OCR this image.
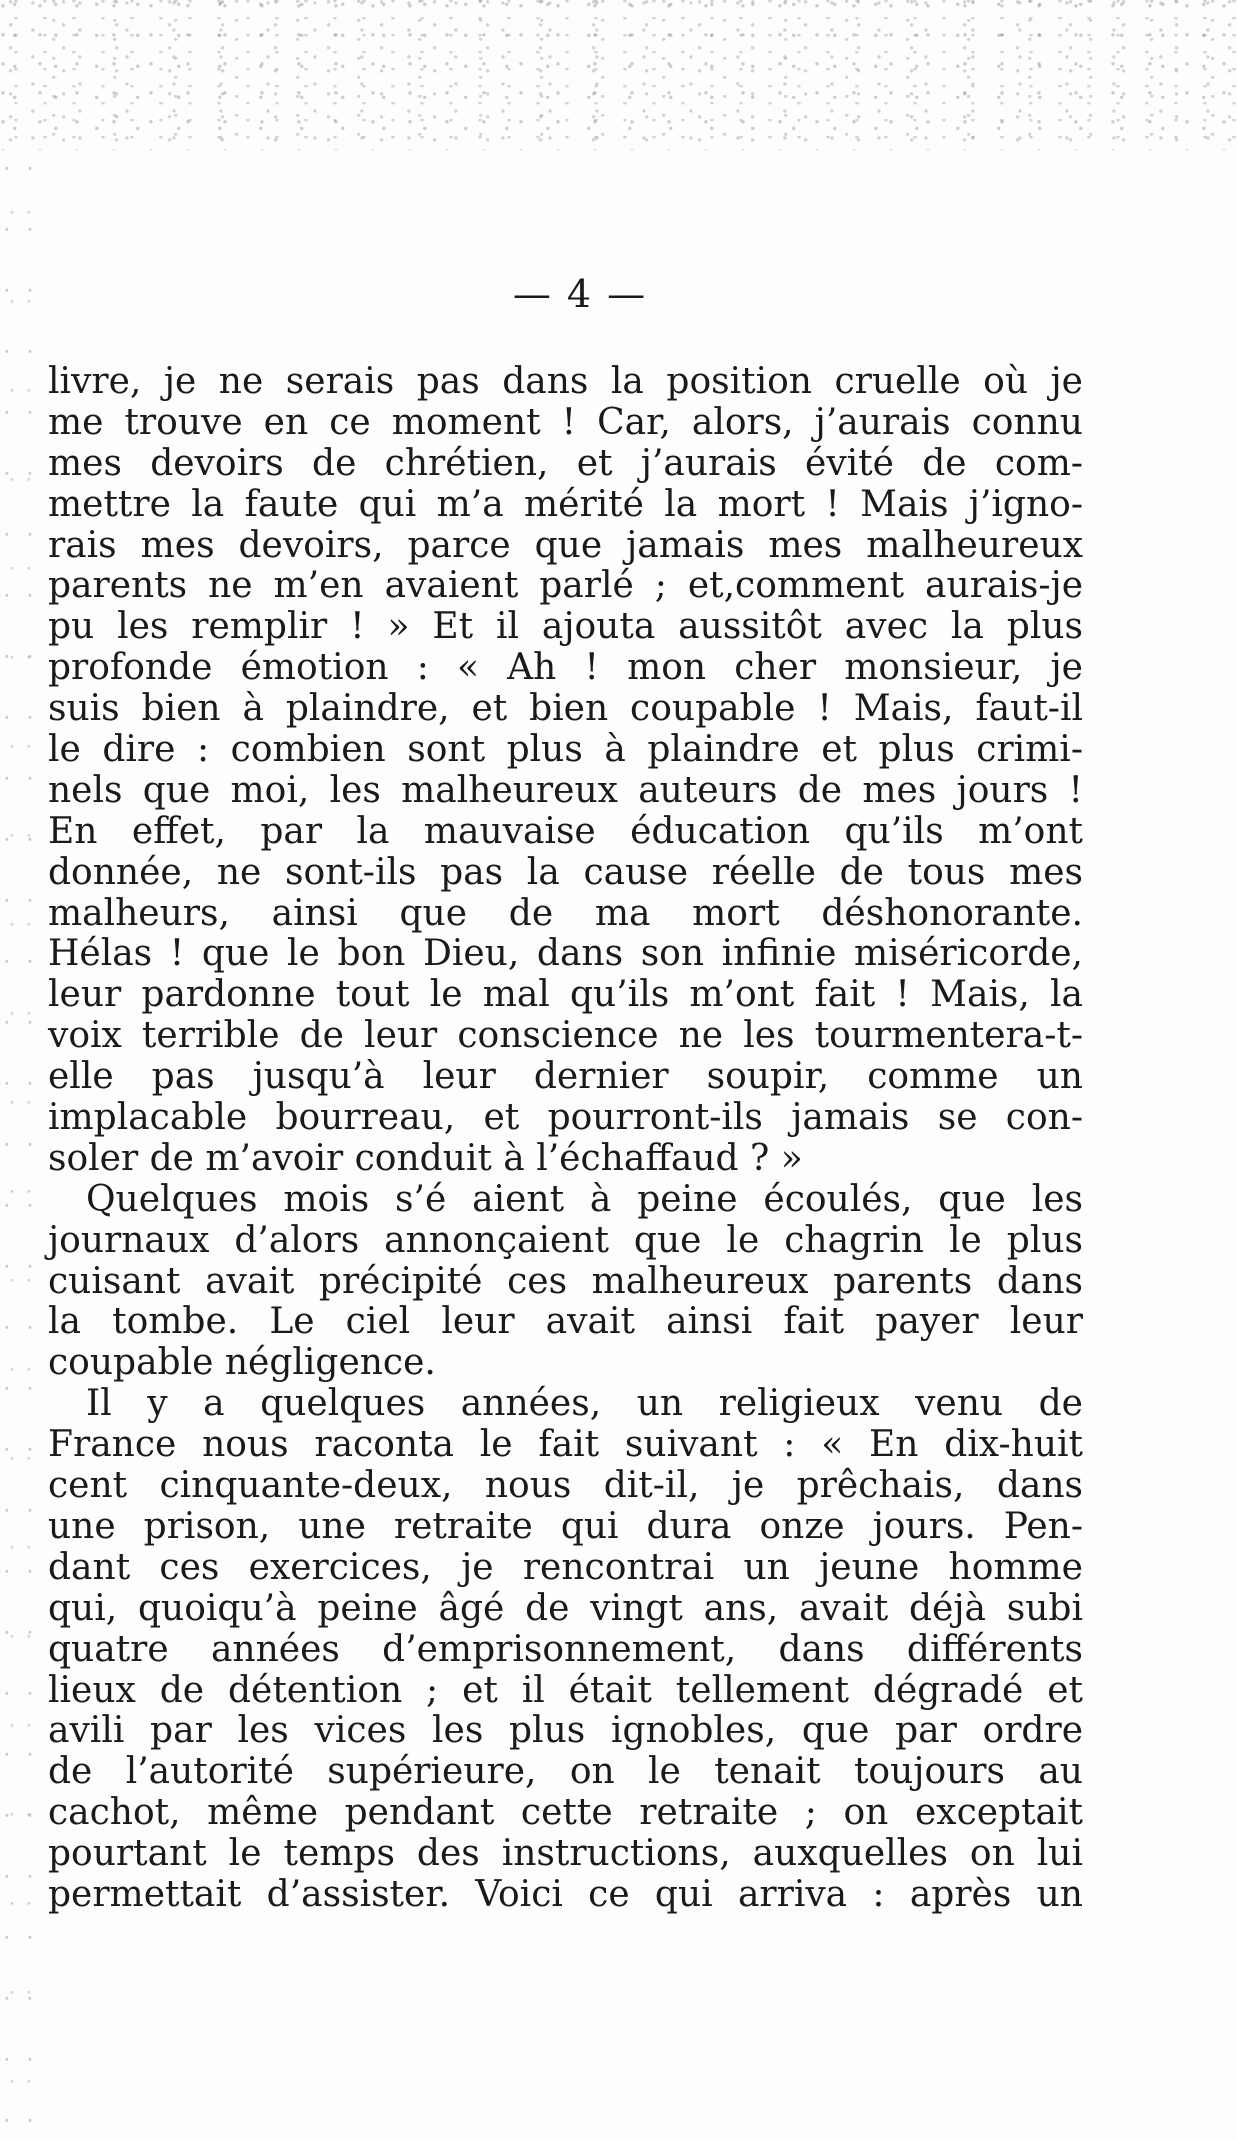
— 4 —
livre, je ne serais pas dans la position cruelle où je
me trouve en ce moment ! Car, alors, j’aurais connu
mes devoirs de chrétien, et j’aurais évité de com-
mettre la faute qui m’a mérité la mort ! Mais j’igno-
rais mes devoirs, parce que jamais mes malheureux
parents ne m’en avaient parlé ; et,comment aurais-je
pu les remplir ! » Et il ajouta aussitôt avec la plus
profonde émotion : « Ah ! mon cher monsieur, je
suis bien à plaindre, et bien coupable ! Mais, faut-il
le dire : combien sont plus à plaindre et plus crimi-
nels que moi, les malheureux auteurs de mes jours !
En effet, par la mauvaise éducation qu’ils m’ont
donnée, ne sont-ils pas la cause réelle de tous mes
malheurs, ainsi que de ma mort déshonorante.
Hélas ! que le bon Dieu, dans son infinie miséricorde,
leur pardonne tout le mal qu’ils m’ont fait ! Mais, la
voix terrible de leur conscience ne les tourmentera-t-
elle pas jusqu’à leur dernier soupir, comme un
implacable bourreau, et pourront-ils jamais se con-
soler de m’avoir conduit à l’échaffaud ? »
Quelques mois s’é aient à peine écoulés, que les
journaux d’alors annonçaient que le chagrin le plus
cuisant avait précipité ces malheureux parents dans
la tombe. Le ciel leur avait ainsi fait payer leur
coupable négligence.
Il y a quelques années, un religieux venu de
France nous raconta le fait suivant : « En dix-huit
cent cinquante-deux, nous dit-il, je prêchais, dans
une prison, une retraite qui dura onze jours. Pen-
dant ces exercices, je rencontrai un jeune homme
qui, quoiqu’à peine âgé de vingt ans, avait déjà subi
quatre années d’emprisonnement, dans différents
lieux de détention ; et il était tellement dégradé et
avili par les vices les plus ignobles, que par ordre
de l’autorité supérieure, on le tenait toujours au
cachot, même pendant cette retraite ; on exceptait
pourtant le temps des instructions, auxquelles on lui
permettait d’assister. Voici ce qui arriva : après un
